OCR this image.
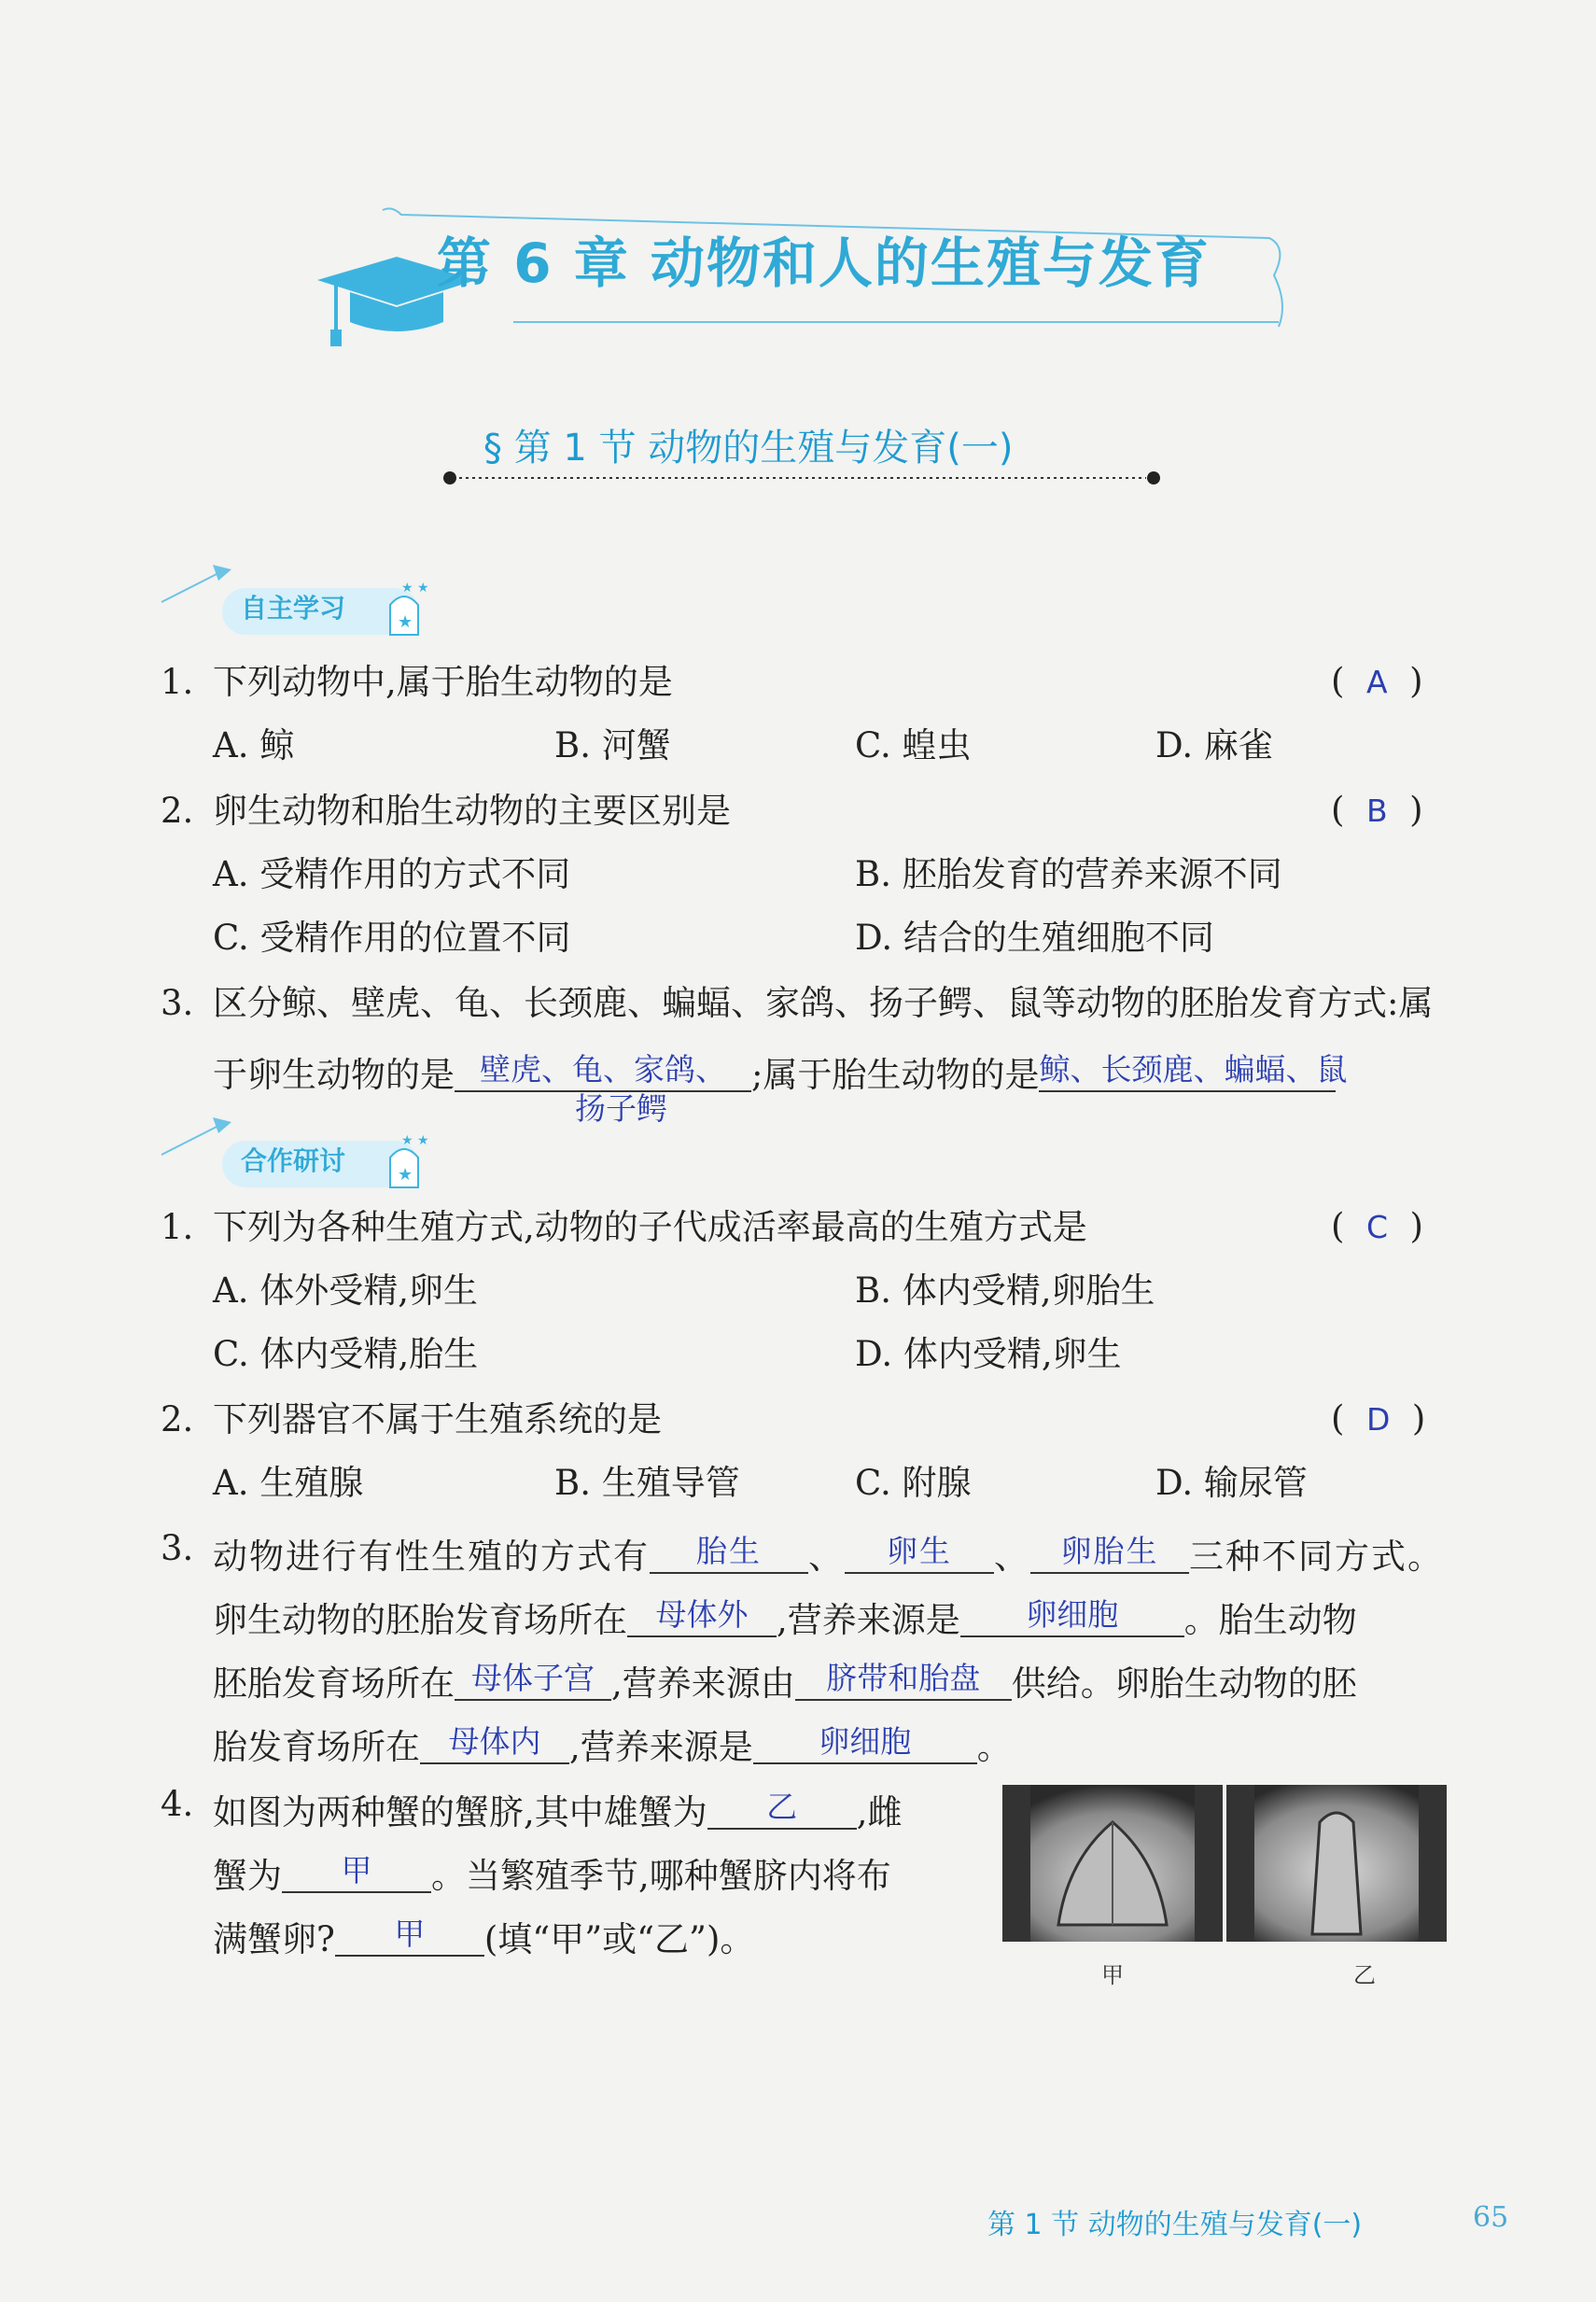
第 6 章 动物和人的生殖与发育
§ 第 1 节 动物的生殖与发育(一)
★
★ ★
自主学习
1. 下列动物中,属于胎生动物的是	(  A  )
A. 鲸	B. 河蟹	C. 蝗虫	D. 麻雀
2. 卵生动物和胎生动物的主要区别是	(  B  )
A. 受精作用的方式不同	B. 胚胎发育的营养来源不同
C. 受精作用的位置不同	D. 结合的生殖细胞不同
3. 区分鲸、壁虎、龟、长颈鹿、蝙蝠、家鸽、扬子鳄、鼠等动物的胚胎发育方式:属
于卵生动物的是 壁虎、龟、家鸽、 ;属于胎生动物的是 鲸、长颈鹿、蝙蝠、鼠
扬子鳄
★
★ ★
合作研讨
1. 下列为各种生殖方式,动物的子代成活率最高的生殖方式是	(  C  )
A. 体外受精,卵生	B. 体内受精,卵胎生
C. 体内受精,胎生	D. 体内受精,卵生
2. 下列器官不属于生殖系统的是	(  D  )
A. 生殖腺	B. 生殖导管	C. 附腺	D. 输尿管
3. 动物进行有性生殖的方式有	胎生	、	卵生	、 卵胎生 三种不同方式。
卵生动物的胚胎发育场所在 母体外 ,营养来源是	卵细胞	。胎生动物
胚胎发育场所在 母体子宫 ,营养来源由	脐带和胎盘 供给。卵胎生动物的胚
胎发育场所在 母体内 ,营养来源是	卵细胞	。
4. 如图为两种蟹的蟹脐,其中雄蟹为	乙	,雌
蟹为	甲	。当繁殖季节,哪种蟹脐内将布
满蟹卵?	甲	(填“甲”或“乙”)。
甲	乙
第 1 节 动物的生殖与发育(一)	65
